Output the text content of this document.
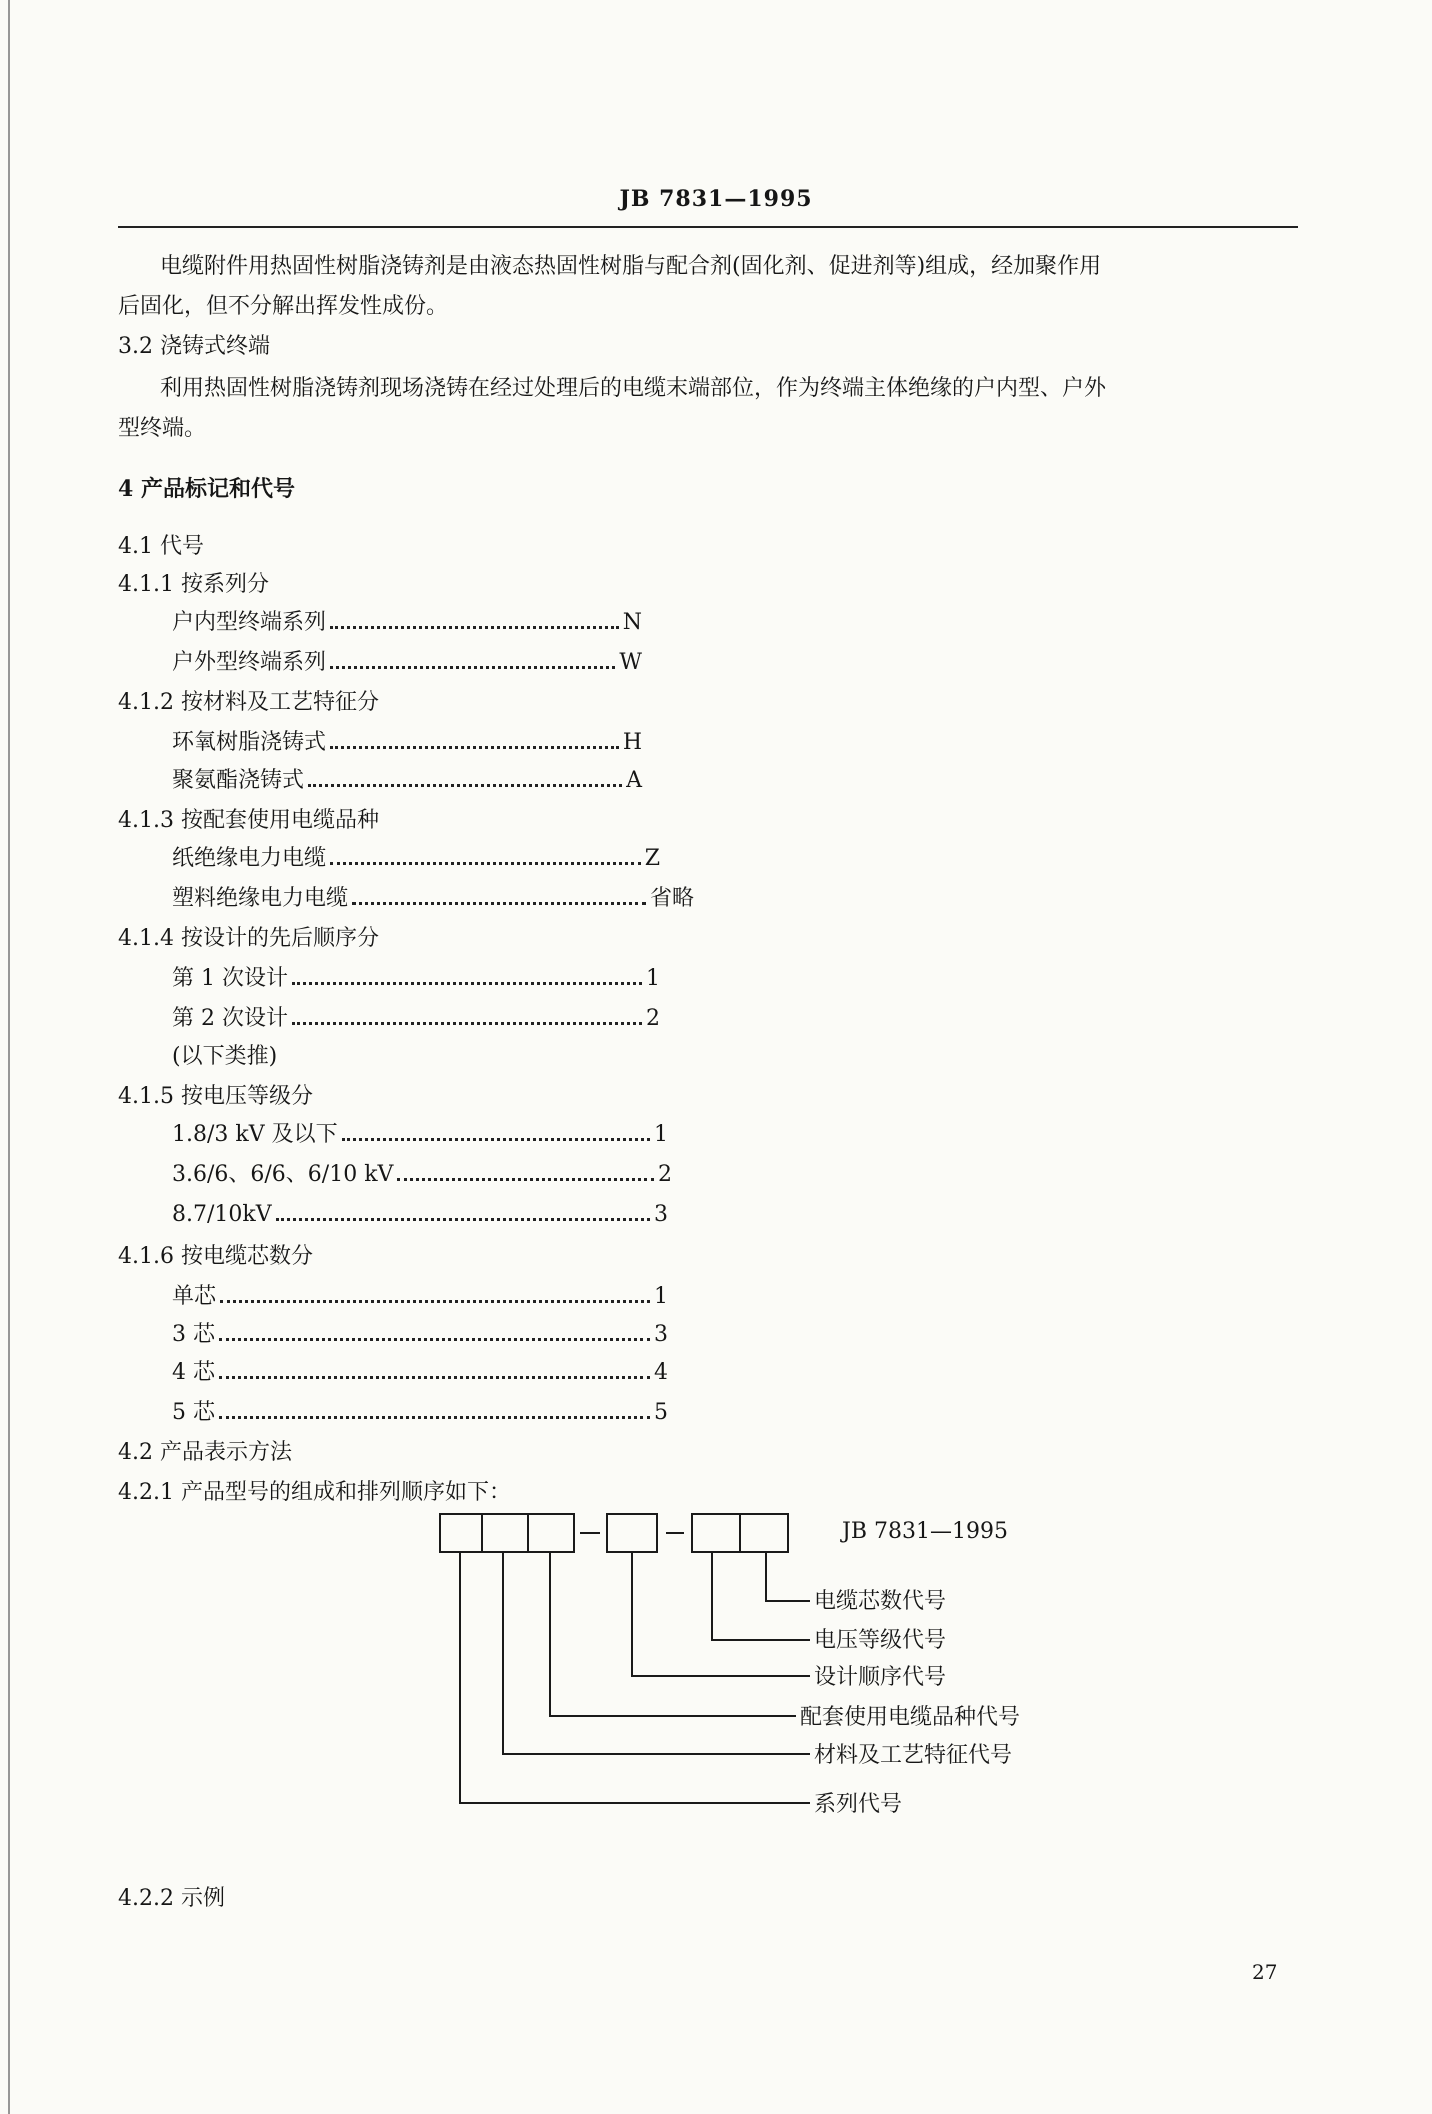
JB 7831—1995
电缆附件用热固性树脂浇铸剂是由液态热固性树脂与配合剂(固化剂、促进剂等)组成，经加聚作用
后固化，但不分解出挥发性成份。
3.2 浇铸式终端
利用热固性树脂浇铸剂现场浇铸在经过处理后的电缆末端部位，作为终端主体绝缘的户内型、户外
型终端。
4 产品标记和代号
4.1 代号
4.1.1 按系列分
户内型终端系列	N
户外型终端系列	W
4.1.2 按材料及工艺特征分
环氧树脂浇铸式	H
聚氨酯浇铸式	A
4.1.3 按配套使用电缆品种
纸绝缘电力电缆	Z
塑料绝缘电力电缆	省略
4.1.4 按设计的先后顺序分
第 1 次设计	1
第 2 次设计	2
(以下类推)
4.1.5 按电压等级分
1.8/3 kV 及以下	1
3.6/6、6/6、6/10 kV	2
8.7/10kV	3
4.1.6 按电缆芯数分
单芯	1
3 芯	3
4 芯	4
5 芯	5
4.2 产品表示方法
4.2.1 产品型号的组成和排列顺序如下：
JB 7831—1995
电缆芯数代号
电压等级代号
设计顺序代号
配套使用电缆品种代号
材料及工艺特征代号
系列代号
4.2.2 示例
27
